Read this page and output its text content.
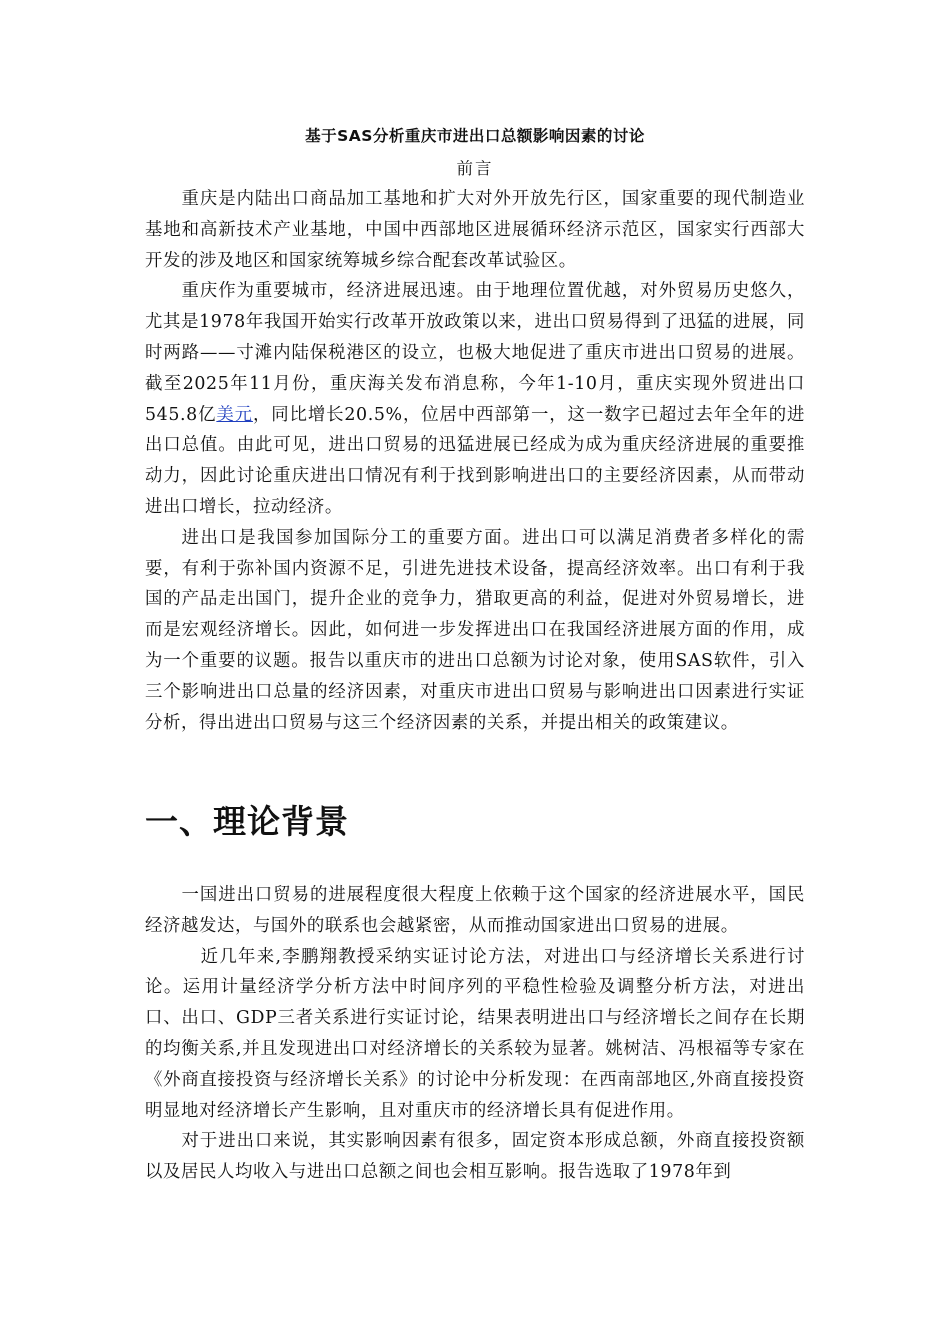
基于SAS分析重庆市进出口总额影响因素的讨论
前言

重庆是内陆出口商品加工基地和扩大对外开放先行区，国家重要的现代制造业基地和高新技术产业基地，中国中西部地区进展循环经济示范区，国家实行西部大开发的涉及地区和国家统筹城乡综合配套改革试验区。

重庆作为重要城市，经济进展迅速。由于地理位置优越，对外贸易历史悠久，尤其是1978年我国开始实行改革开放政策以来，进出口贸易得到了迅猛的进展，同时两路——寸滩内陆保税港区的设立，也极大地促进了重庆市进出口贸易的进展。截至2025年11月份，重庆海关发布消息称，今年1-10月，重庆实现外贸进出口545.8亿美元，同比增长20.5%，位居中西部第一，这一数字已超过去年全年的进出口总值。由此可见，进出口贸易的迅猛进展已经成为成为重庆经济进展的重要推动力，因此讨论重庆进出口情况有利于找到影响进出口的主要经济因素，从而带动进出口增长，拉动经济。

进出口是我国参加国际分工的重要方面。进出口可以满足消费者多样化的需要，有利于弥补国内资源不足，引进先进技术设备，提高经济效率。出口有利于我国的产品走出国门，提升企业的竞争力，猎取更高的利益，促进对外贸易增长，进而是宏观经济增长。因此，如何进一步发挥进出口在我国经济进展方面的作用，成为一个重要的议题。报告以重庆市的进出口总额为讨论对象，使用SAS软件，引入三个影响进出口总量的经济因素，对重庆市进出口贸易与影响进出口因素进行实证分析，得出进出口贸易与这三个经济因素的关系，并提出相关的政策建议。

一、理论背景

一国进出口贸易的进展程度很大程度上依赖于这个国家的经济进展水平，国民经济越发达，与国外的联系也会越紧密，从而推动国家进出口贸易的进展。

近几年来,李鹏翔教授采纳实证讨论方法，对进出口与经济增长关系进行讨论。运用计量经济学分析方法中时间序列的平稳性检验及调整分析方法，对进出口、出口、GDP三者关系进行实证讨论，结果表明进出口与经济增长之间存在长期的均衡关系,并且发现进出口对经济增长的关系较为显著。姚树洁、冯根福等专家在《外商直接投资与经济增长关系》的讨论中分析发现：在西南部地区,外商直接投资明显地对经济增长产生影响，且对重庆市的经济增长具有促进作用。

对于进出口来说，其实影响因素有很多，固定资本形成总额，外商直接投资额以及居民人均收入与进出口总额之间也会相互影响。报告选取了1978年到
